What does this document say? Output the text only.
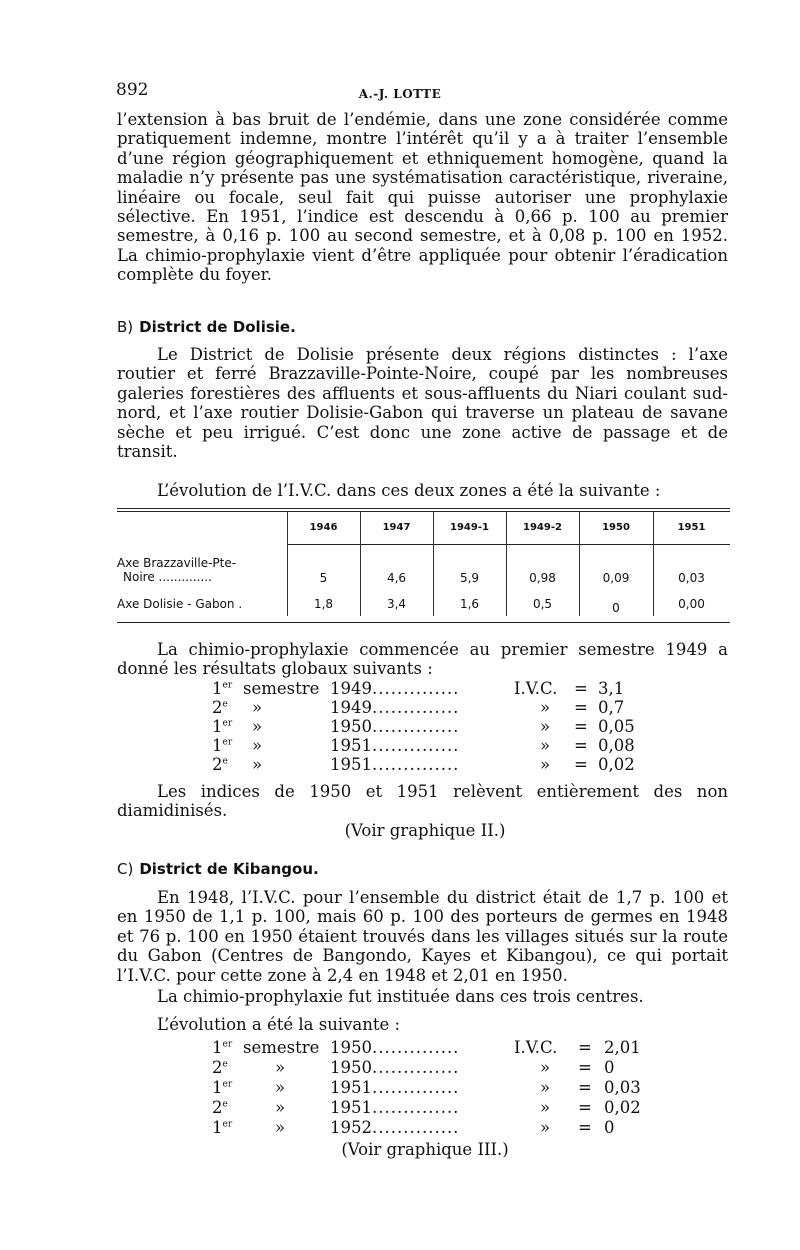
892	A.-J. LOTTE

l’extension à bas bruit de l’endémie, dans une zone considérée comme pratiquement indemne, montre l’intérêt qu’il y a à traiter l’ensemble d’une région géographiquement et ethniquement homogène, quand la maladie n’y présente pas une systématisation caractéristique, riveraine, linéaire ou focale, seul fait qui puisse autoriser une prophylaxie sélective. En 1951, l’indice est descendu à 0,66 p. 100 au premier semestre, à 0,16 p. 100 au second semestre, et à 0,08 p. 100 en 1952. La chimio-prophylaxie vient d’être appliquée pour obtenir l’éradication complète du foyer.

B) District de Dolisie.

Le District de Dolisie présente deux régions distinctes : l’axe routier et ferré Brazzaville-Pointe-Noire, coupé par les nombreuses galeries forestières des affluents et sous-affluents du Niari coulant sud-nord, et l’axe routier Dolisie-Gabon qui traverse un plateau de savane sèche et peu irrigué. C’est donc une zone active de passage et de transit.

L’évolution de l’I.V.C. dans ces deux zones a été la suivante :

1946	1947	1949-1	1949-2	1950	1951
Axe Brazzaville-Pte-
Noire ..............	5	4,6	5,9	0,98	0,09	0,03
Axe Dolisie - Gabon .	1,8	3,4	1,6	0,5	0	0,00

La chimio-prophylaxie commencée au premier semestre 1949 a donné les résultats globaux suivants :

1er semestre 1949..............	I.V.C. = 3,1
2e »	1949..............	» = 0,7
1er »	1950..............	» = 0,05
1er »	1951..............	» = 0,08
2e »	1951..............	» = 0,02

Les indices de 1950 et 1951 relèvent entièrement des non diamidinisés.

(Voir graphique II.)
C) District de Kibangou.

En 1948, l’I.V.C. pour l’ensemble du district était de 1,7 p. 100 et en 1950 de 1,1 p. 100, mais 60 p. 100 des porteurs de germes en 1948 et 76 p. 100 en 1950 étaient trouvés dans les villages situés sur la route du Gabon (Centres de Bangondo, Kayes et Kibangou), ce qui portait l’I.V.C. pour cette zone à 2,4 en 1948 et 2,01 en 1950.

La chimio-prophylaxie fut instituée dans ces trois centres.

L’évolution a été la suivante :

1er semestre 1950..............	I.V.C. = 2,01
2e	»	1950..............	» = 0
1er	»	1951..............	» = 0,03
2e	»	1951..............	» = 0,02
1er	»	1952..............	» = 0
(Voir graphique III.)
